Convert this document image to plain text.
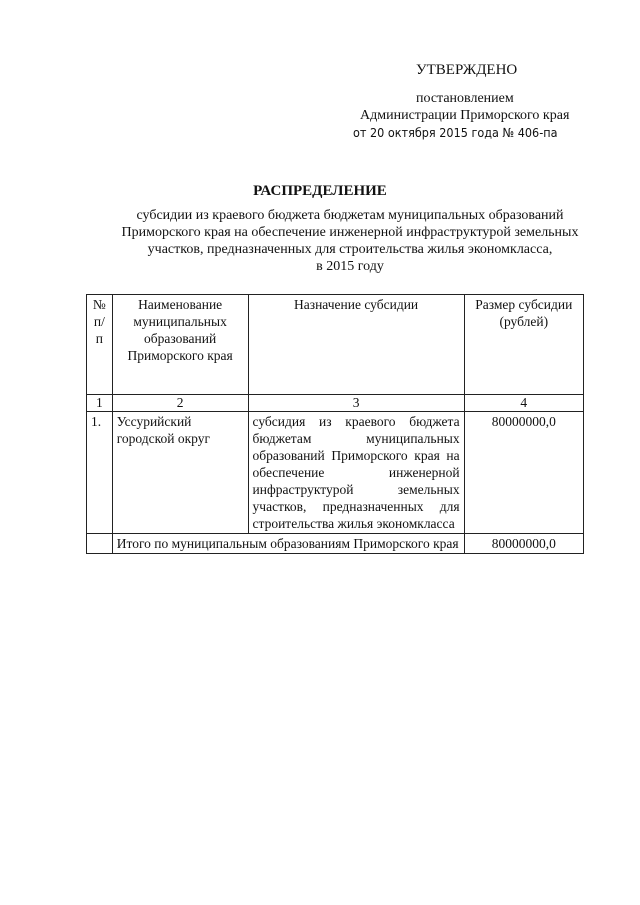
УТВЕРЖДЕНО
постановлением
Администрации Приморского края
от 20 октября 2015 года № 406-па
РАСПРЕДЕЛЕНИЕ
субсидии из краевого бюджета бюджетам муниципальных образований
Приморского края на обеспечение инженерной инфраструктурой земельных
участков, предназначенных для строительства жилья экономкласса,
в 2015 году
№ п/п	Наименование муниципальных образований Приморского края	Назначение субсидии	Размер субсидии (рублей)
1	2	3	4
1.	Уссурийский городской округ	субсидия из краевого бюджета бюджетам муниципальных образований Приморского края на обеспечение инженерной инфраструктурой земельных участков, предназначенных для строительства жилья экономкласса	80000000,0
	Итого по муниципальным образованиям Приморского края		80000000,0
